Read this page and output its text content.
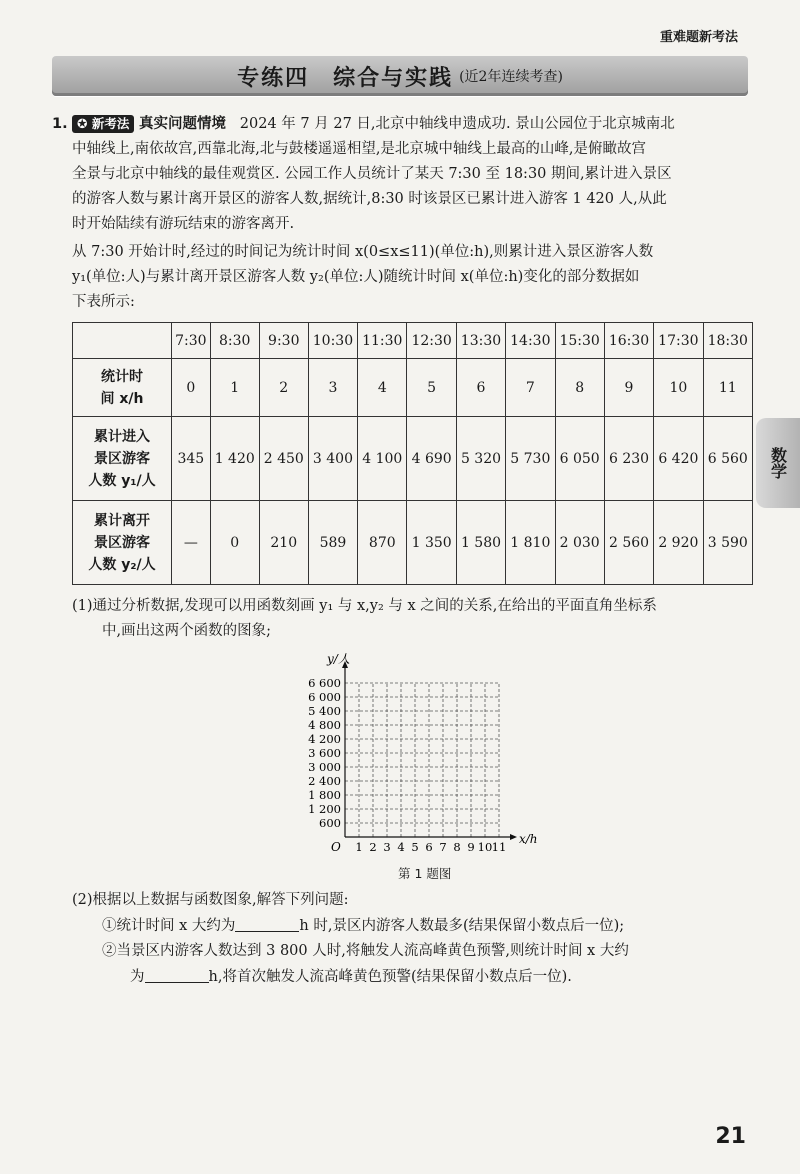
重难题新考法
专练四　综合与实践 (近2年连续考查)
数学
1. ✪ 新考法 真实问题情境 2024 年 7 月 27 日,北京中轴线申遗成功. 景山公园位于北京城南北
中轴线上,南依故宫,西靠北海,北与鼓楼遥遥相望,是北京城中轴线上最高的山峰,是俯瞰故宫
全景与北京中轴线的最佳观赏区. 公园工作人员统计了某天 7:30 至 18:30 期间,累计进入景区
的游客人数与累计离开景区的游客人数,据统计,8:30 时该景区已累计进入游客 1 420 人,从此
时开始陆续有游玩结束的游客离开.
从 7:30 开始计时,经过的时间记为统计时间 x(0≤x≤11)(单位:h),则累计进入景区游客人数
y₁(单位:人)与累计离开景区游客人数 y₂(单位:人)随统计时间 x(单位:h)变化的部分数据如
下表所示:
	7:30	8:30	9:30	10:30	11:30	12:30	13:30	14:30	15:30	16:30	17:30	18:30

统计时
间 x/h	0	1	2	3	4	5	6	7	8	9	10	11

累计进入
景区游客
人数 y₁/人	345	1 420	2 450	3 400	4 100	4 690	5 320	5 730	6 050	6 230	6 420	6 560

累计离开
景区游客
人数 y₂/人	—	0	210	589	870	1 350	1 580	1 810	2 030	2 560	2 920	3 590
(1)通过分析数据,发现可以用函数刻画 y₁ 与 x,y₂ 与 x 之间的关系,在给出的平面直角坐标系
中,画出这两个函数的图象;
1 2 3 4 5 6 7 8 9 10 11
600
1 200
1 800
2 400
3 000
3 600
4 200
4 800
5 400
6 000
6 600
O
x/h
y/人
第 1 题图
(2)根据以上数据与函数图象,解答下列问题:
①统计时间 x 大约为	h 时,景区内游客人数最多(结果保留小数点后一位);
②当景区内游客人数达到 3 800 人时,将触发人流高峰黄色预警,则统计时间 x 大约
为	h,将首次触发人流高峰黄色预警(结果保留小数点后一位).
21
